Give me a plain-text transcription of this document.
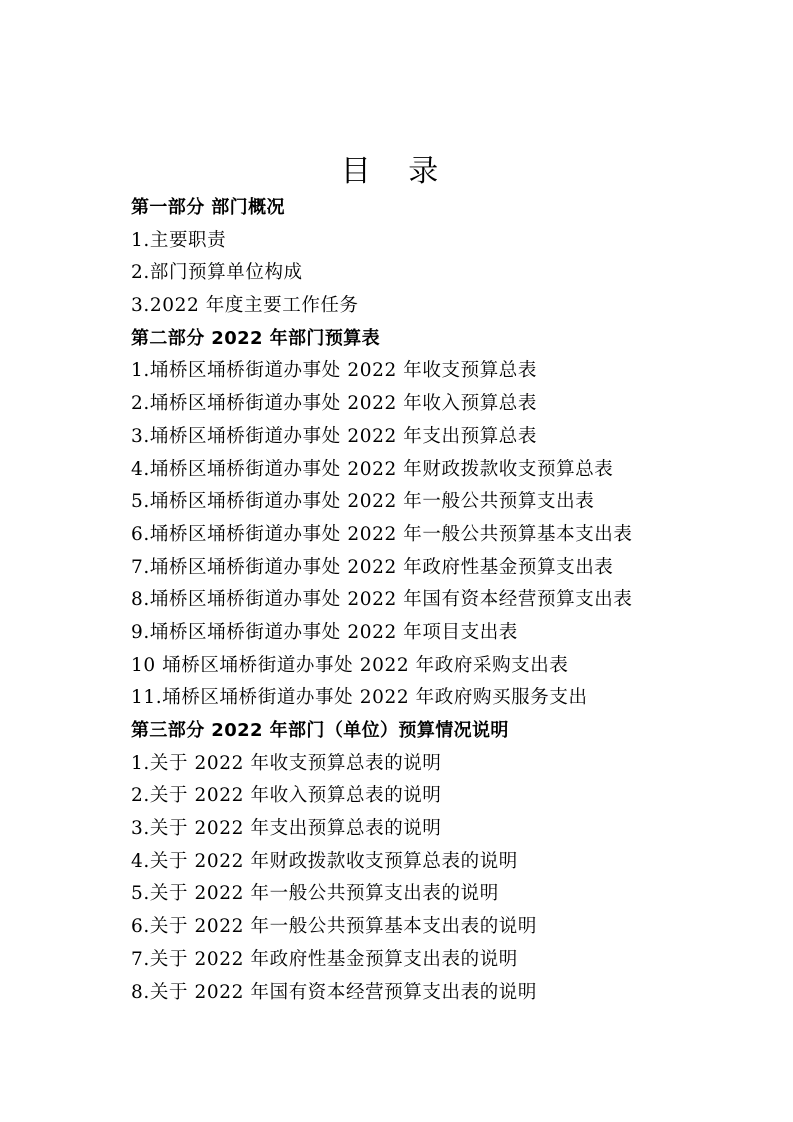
目 录
第一部分 部门概况
1.主要职责
2.部门预算单位构成
3.2022 年度主要工作任务
第二部分 2022 年部门预算表
1.埇桥区埇桥街道办事处 2022 年收支预算总表
2.埇桥区埇桥街道办事处 2022 年收入预算总表
3.埇桥区埇桥街道办事处 2022 年支出预算总表
4.埇桥区埇桥街道办事处 2022 年财政拨款收支预算总表
5.埇桥区埇桥街道办事处 2022 年一般公共预算支出表
6.埇桥区埇桥街道办事处 2022 年一般公共预算基本支出表
7.埇桥区埇桥街道办事处 2022 年政府性基金预算支出表
8.埇桥区埇桥街道办事处 2022 年国有资本经营预算支出表
9.埇桥区埇桥街道办事处 2022 年项目支出表
10 埇桥区埇桥街道办事处 2022 年政府采购支出表
11.埇桥区埇桥街道办事处 2022 年政府购买服务支出
第三部分 2022 年部门（单位）预算情况说明
1.关于 2022 年收支预算总表的说明
2.关于 2022 年收入预算总表的说明
3.关于 2022 年支出预算总表的说明
4.关于 2022 年财政拨款收支预算总表的说明
5.关于 2022 年一般公共预算支出表的说明
6.关于 2022 年一般公共预算基本支出表的说明
7.关于 2022 年政府性基金预算支出表的说明
8.关于 2022 年国有资本经营预算支出表的说明
